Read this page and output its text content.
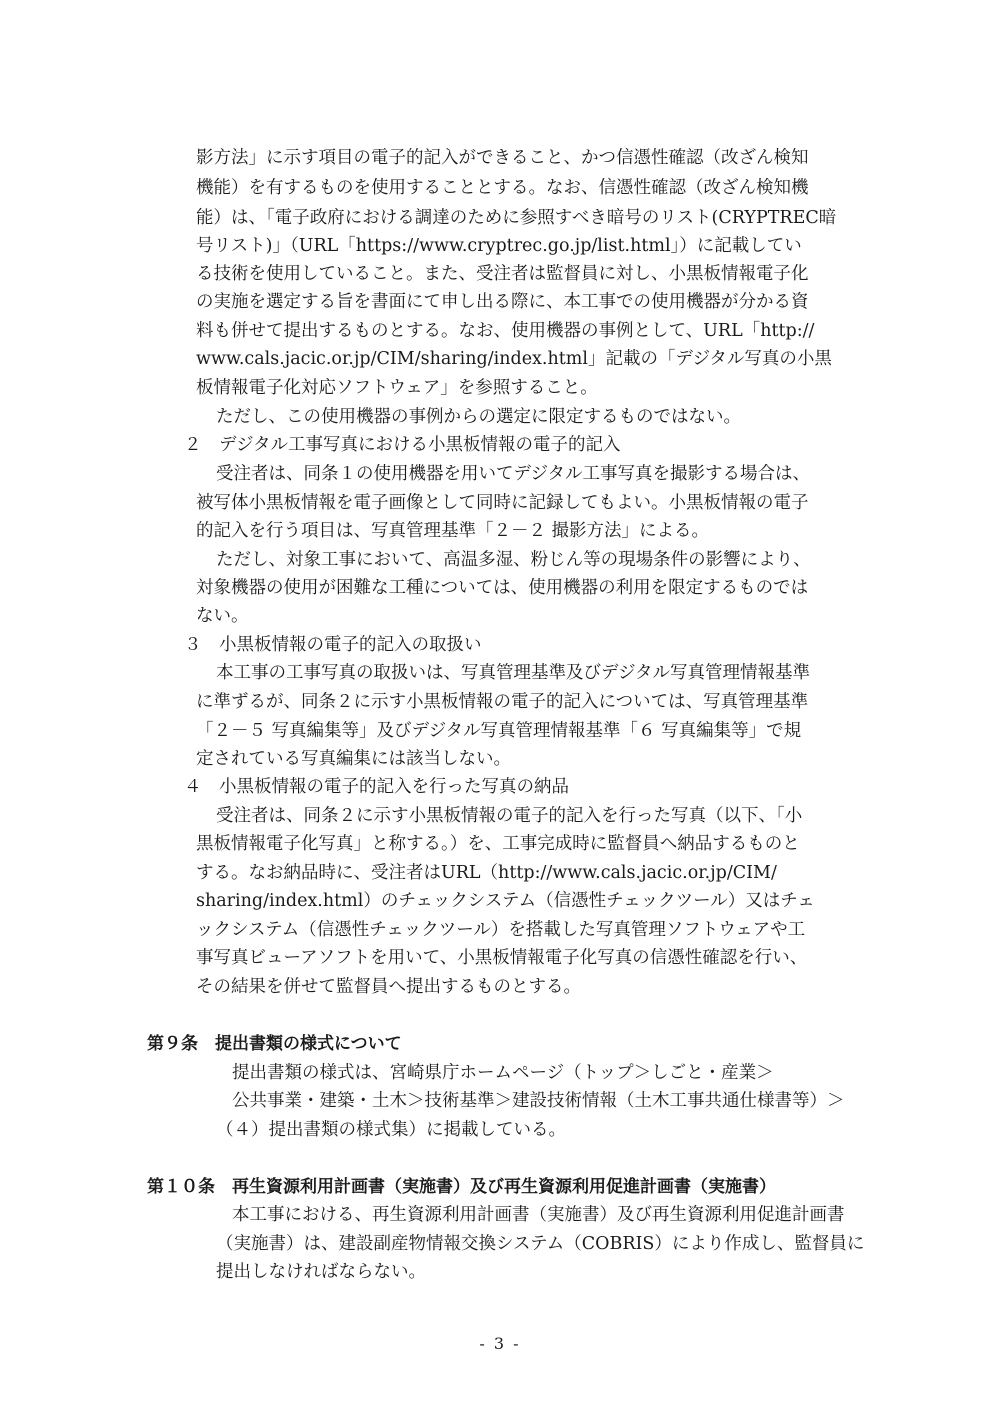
影方法」に示す項目の電子的記入ができること、かつ信憑性確認（改ざん検知
機能）を有するものを使用することとする。なお、信憑性確認（改ざん検知機
能）は、「電子政府における調達のために参照すべき暗号のリスト(CRYPTREC暗
号リスト)」（URL「https://www.cryptrec.go.jp/list.html」）に記載してい
る技術を使用していること。また、受注者は監督員に対し、小黒板情報電子化
の実施を選定する旨を書面にて申し出る際に、本工事での使用機器が分かる資
料も併せて提出するものとする。なお、使用機器の事例として、URL「http://
www.cals.jacic.or.jp/CIM/sharing/index.html」記載の「デジタル写真の小黒
板情報電子化対応ソフトウェア」を参照すること。
ただし、この使用機器の事例からの選定に限定するものではない。
２　デジタル工事写真における小黒板情報の電子的記入
受注者は、同条１の使用機器を用いてデジタル工事写真を撮影する場合は、
被写体小黒板情報を電子画像として同時に記録してもよい。小黒板情報の電子
的記入を行う項目は、写真管理基準「２－２ 撮影方法」による。
ただし、対象工事において、高温多湿、粉じん等の現場条件の影響により、
対象機器の使用が困難な工種については、使用機器の利用を限定するものでは
ない。
３　小黒板情報の電子的記入の取扱い
本工事の工事写真の取扱いは、写真管理基準及びデジタル写真管理情報基準
に準ずるが、同条２に示す小黒板情報の電子的記入については、写真管理基準
「２－５ 写真編集等」及びデジタル写真管理情報基準「６ 写真編集等」で規
定されている写真編集には該当しない。
４　小黒板情報の電子的記入を行った写真の納品
受注者は、同条２に示す小黒板情報の電子的記入を行った写真（以下、「小
黒板情報電子化写真」と称する。）を、工事完成時に監督員へ納品するものと
する。なお納品時に、受注者はURL（http://www.cals.jacic.or.jp/CIM/
sharing/index.html）のチェックシステム（信憑性チェックツール）又はチェ
ックシステム（信憑性チェックツール）を搭載した写真管理ソフトウェアや工
事写真ビューアソフトを用いて、小黒板情報電子化写真の信憑性確認を行い、
その結果を併せて監督員へ提出するものとする。
第９条　提出書類の様式について
提出書類の様式は、宮崎県庁ホームページ（トップ＞しごと・産業＞
公共事業・建築・土木＞技術基準＞建設技術情報（土木工事共通仕様書等）＞
（４）提出書類の様式集）に掲載している。
第１０条　再生資源利用計画書（実施書）及び再生資源利用促進計画書（実施書）
本工事における、再生資源利用計画書（実施書）及び再生資源利用促進計画書
（実施書）は、建設副産物情報交換システム（COBRIS）により作成し、監督員に
提出しなければならない。
- 3 -
